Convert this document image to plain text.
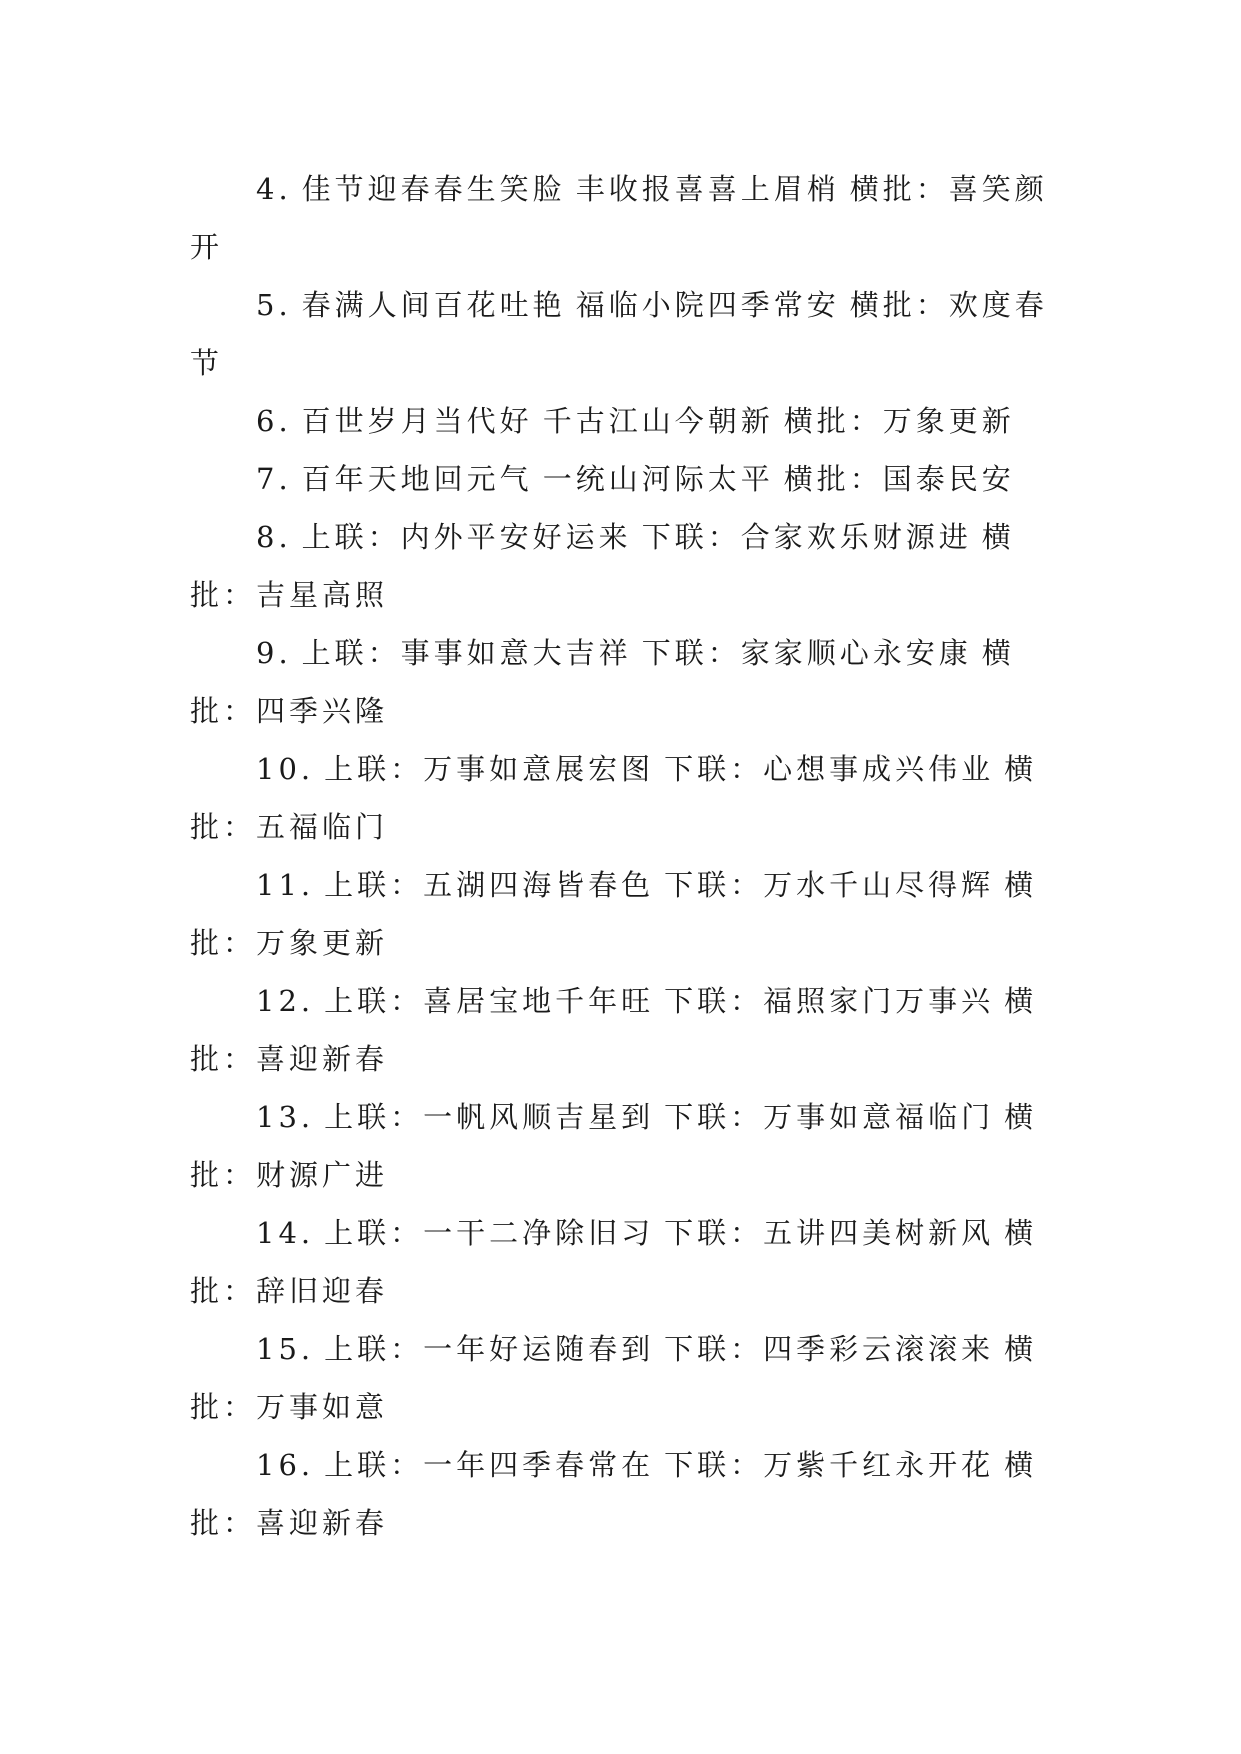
4. 佳节迎春春生笑脸 丰收报喜喜上眉梢 横批：喜笑颜开

5. 春满人间百花吐艳 福临小院四季常安 横批：欢度春节

6. 百世岁月当代好 千古江山今朝新 横批：万象更新

7. 百年天地回元气 一统山河际太平 横批：国泰民安

8. 上联：内外平安好运来 下联：合家欢乐财源进 横批：吉星高照

9. 上联：事事如意大吉祥 下联：家家顺心永安康 横批：四季兴隆

10. 上联：万事如意展宏图 下联：心想事成兴伟业 横批：五福临门

11. 上联：五湖四海皆春色 下联：万水千山尽得辉 横批：万象更新

12. 上联：喜居宝地千年旺 下联：福照家门万事兴 横批：喜迎新春

13. 上联：一帆风顺吉星到 下联：万事如意福临门 横批：财源广进

14. 上联：一干二净除旧习 下联：五讲四美树新风 横批：辞旧迎春

15. 上联：一年好运随春到 下联：四季彩云滚滚来 横批：万事如意

16. 上联：一年四季春常在 下联：万紫千红永开花 横批：喜迎新春
